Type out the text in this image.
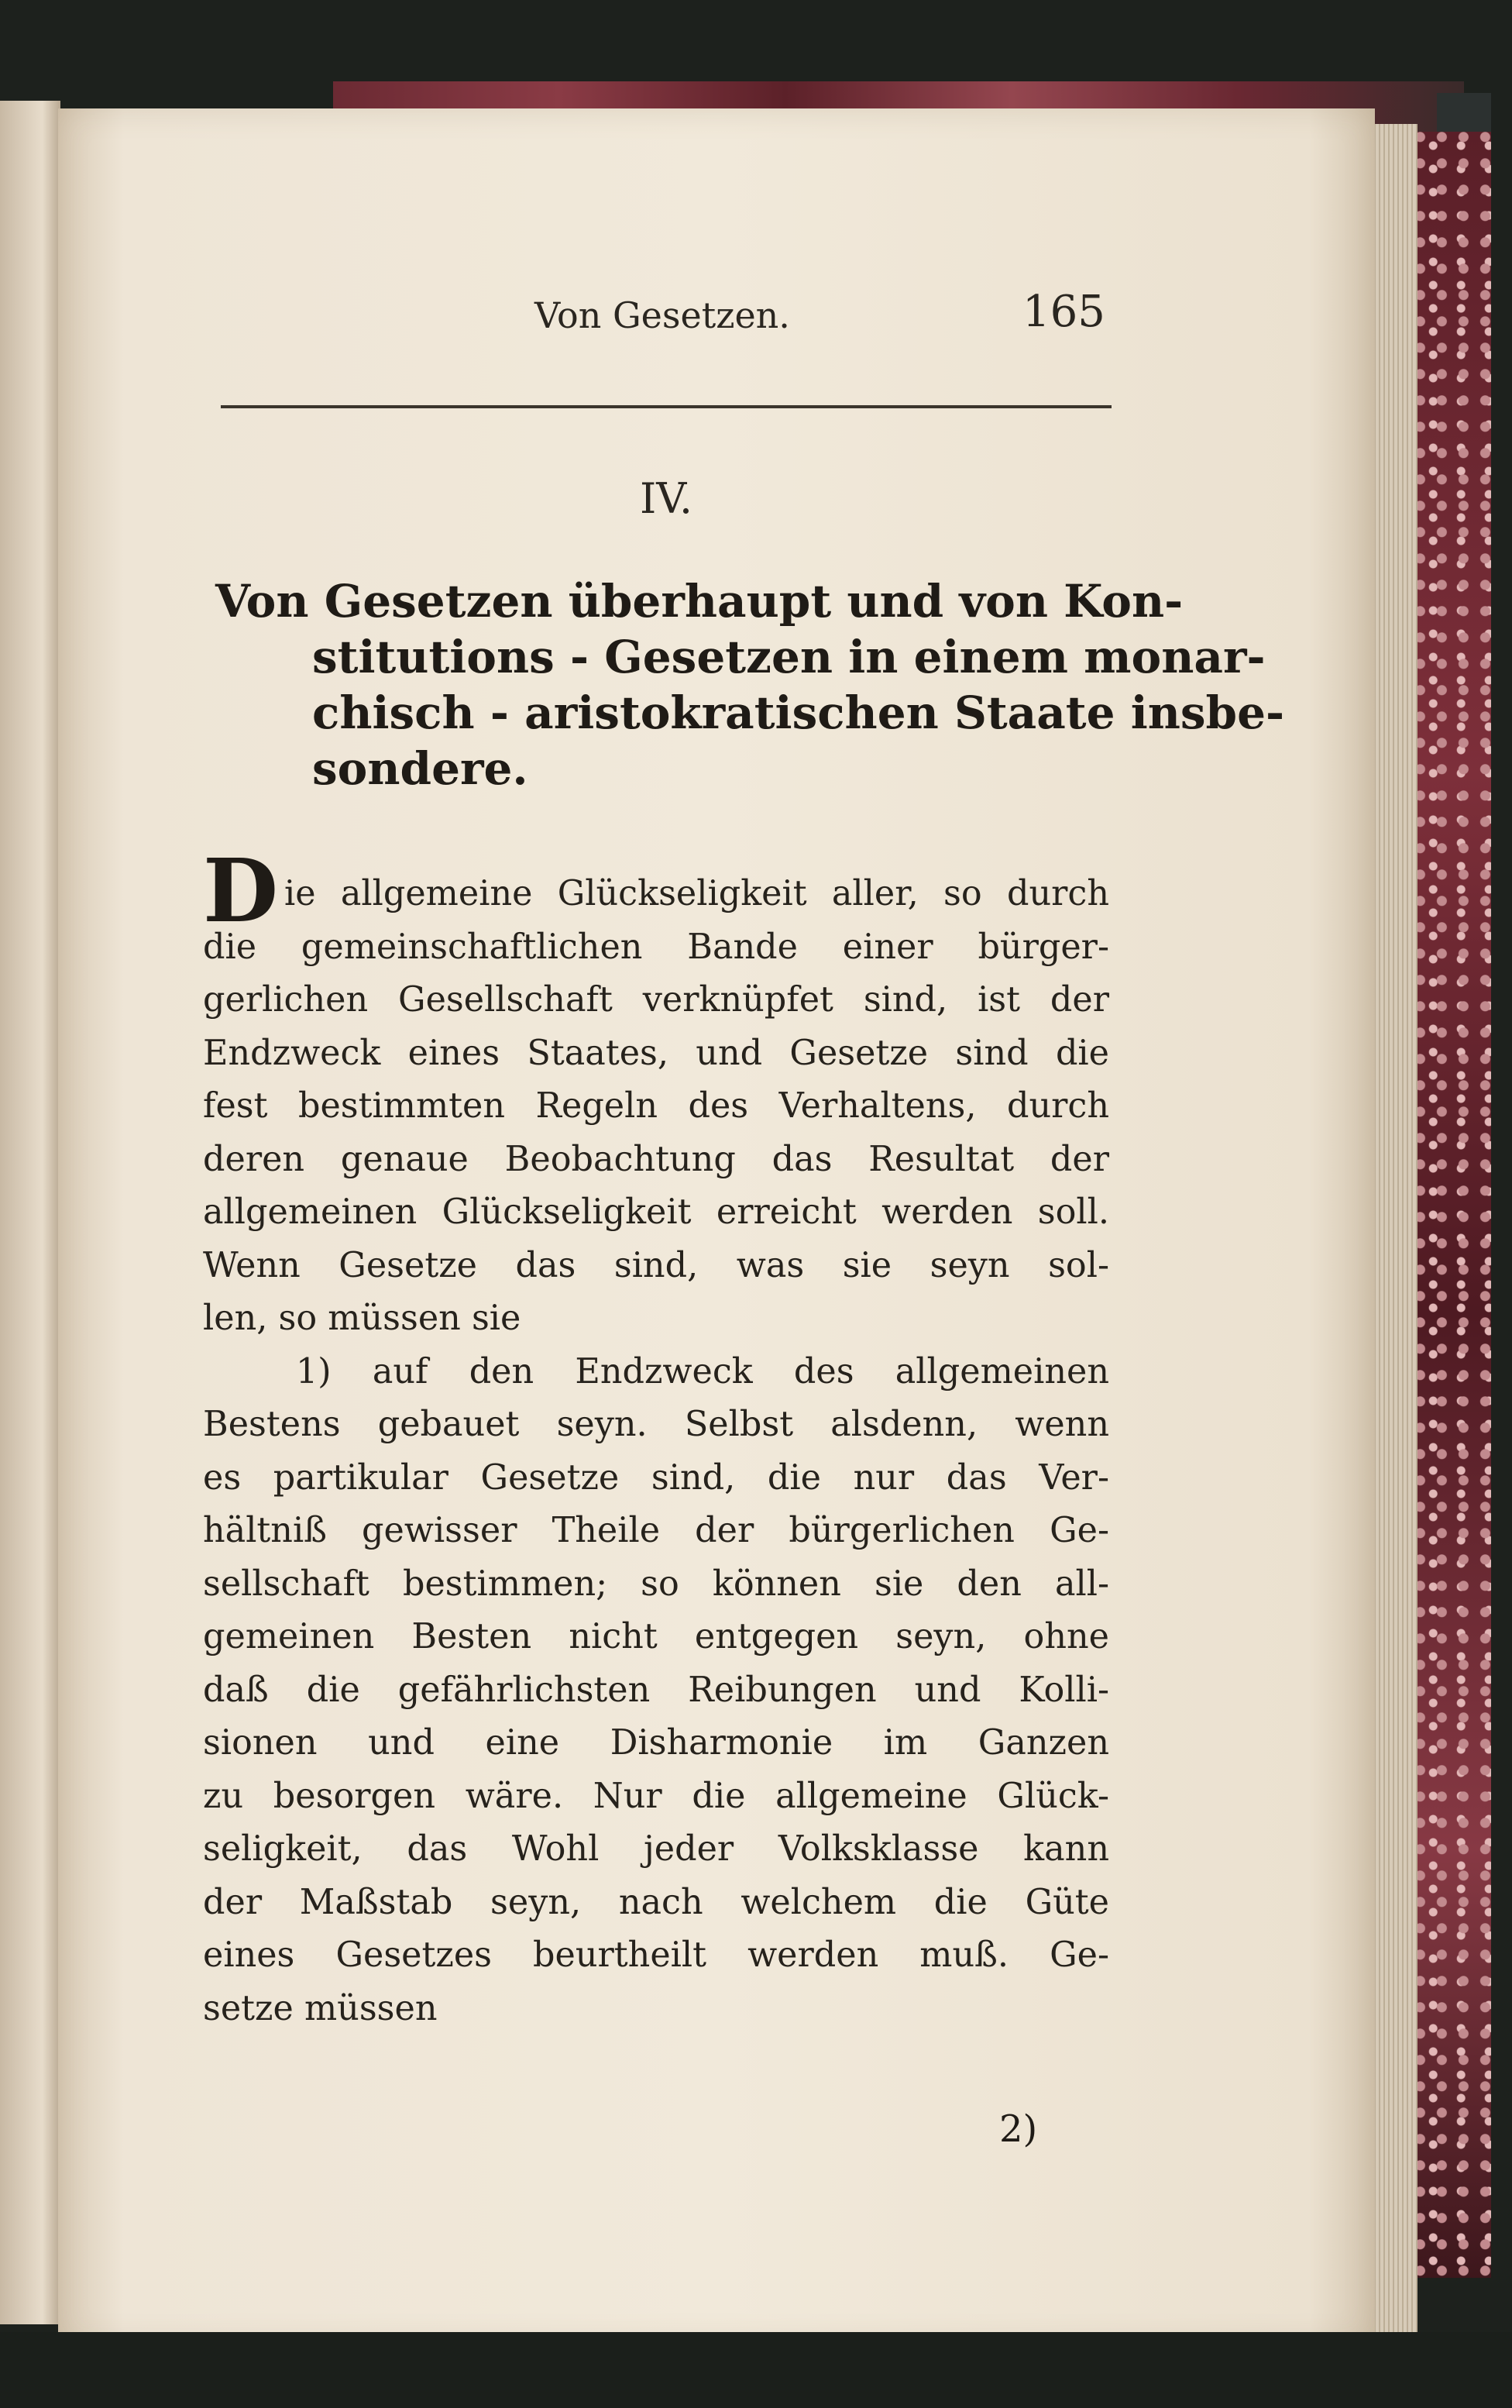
Von Gesetzen.	165
IV.
Von Gesetzen überhaupt und von Kon-
stitutions - Gesetzen in einem monar-
chisch - aristokratischen Staate insbe-
sondere.
D ie allgemeine Glückseligkeit aller, so durch
die gemeinschaftlichen Bande einer bürger-
gerlichen Gesellschaft verknüpfet sind, ist der
Endzweck eines Staates, und Gesetze sind die
fest bestimmten Regeln des Verhaltens, durch
deren genaue Beobachtung das Resultat der
allgemeinen Glückseligkeit erreicht werden soll.
Wenn Gesetze das sind, was sie seyn sol-
len, so müssen sie
1) auf den Endzweck des allgemeinen
Bestens gebauet seyn. Selbst alsdenn, wenn
es partikular Gesetze sind, die nur das Ver-
hältniß gewisser Theile der bürgerlichen Ge-
sellschaft bestimmen; so können sie den all-
gemeinen Besten nicht entgegen seyn, ohne
daß die gefährlichsten Reibungen und Kolli-
sionen und eine Disharmonie im Ganzen
zu besorgen wäre. Nur die allgemeine Glück-
seligkeit, das Wohl jeder Volksklasse kann
der Maßstab seyn, nach welchem die Güte
eines Gesetzes beurtheilt werden muß. Ge-
setze müssen
2)
